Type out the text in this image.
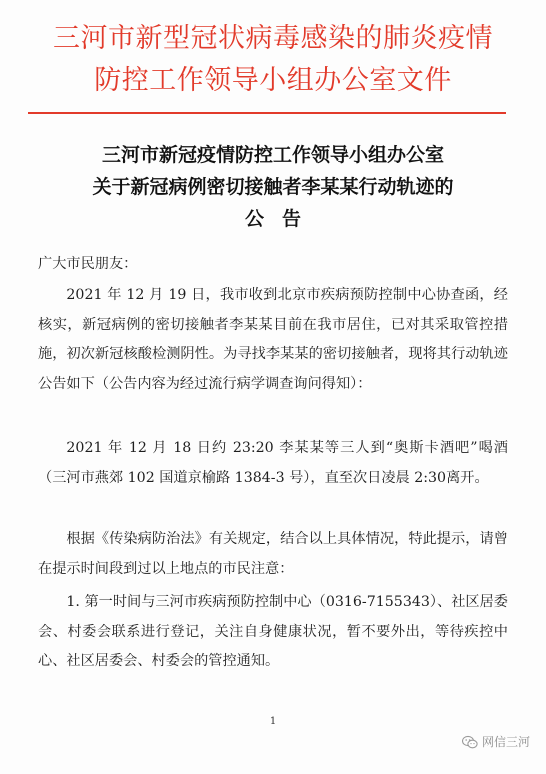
三河市新型冠状病毒感染的肺炎疫情
防控工作领导小组办公室文件
三河市新冠疫情防控工作领导小组办公室
关于新冠病例密切接触者李某某行动轨迹的
公告
广大市民朋友：
2021 年 12 月 19 日，我市收到北京市疾病预防控制中心协查函，经核实，新冠病例的密切接触者李某某目前在我市居住，已对其采取管控措施，初次新冠核酸检测阴性。为寻找李某某的密切接触者，现将其行动轨迹公告如下（公告内容为经过流行病学调查询问得知）：
2021 年 12 月 18 日约 23:20 李某某等三人到“奥斯卡酒吧”喝酒（三河市燕郊 102 国道京榆路 1384-3 号），直至次日凌晨 2:30离开。
根据《传染病防治法》有关规定，结合以上具体情况，特此提示，请曾在提示时间段到过以上地点的市民注意：
1. 第一时间与三河市疾病预防控制中心（0316-7155343）、社区居委会、村委会联系进行登记，关注自身健康状况，暂不要外出，等待疾控中心、社区居委会、村委会的管控通知。
1
网信三河
